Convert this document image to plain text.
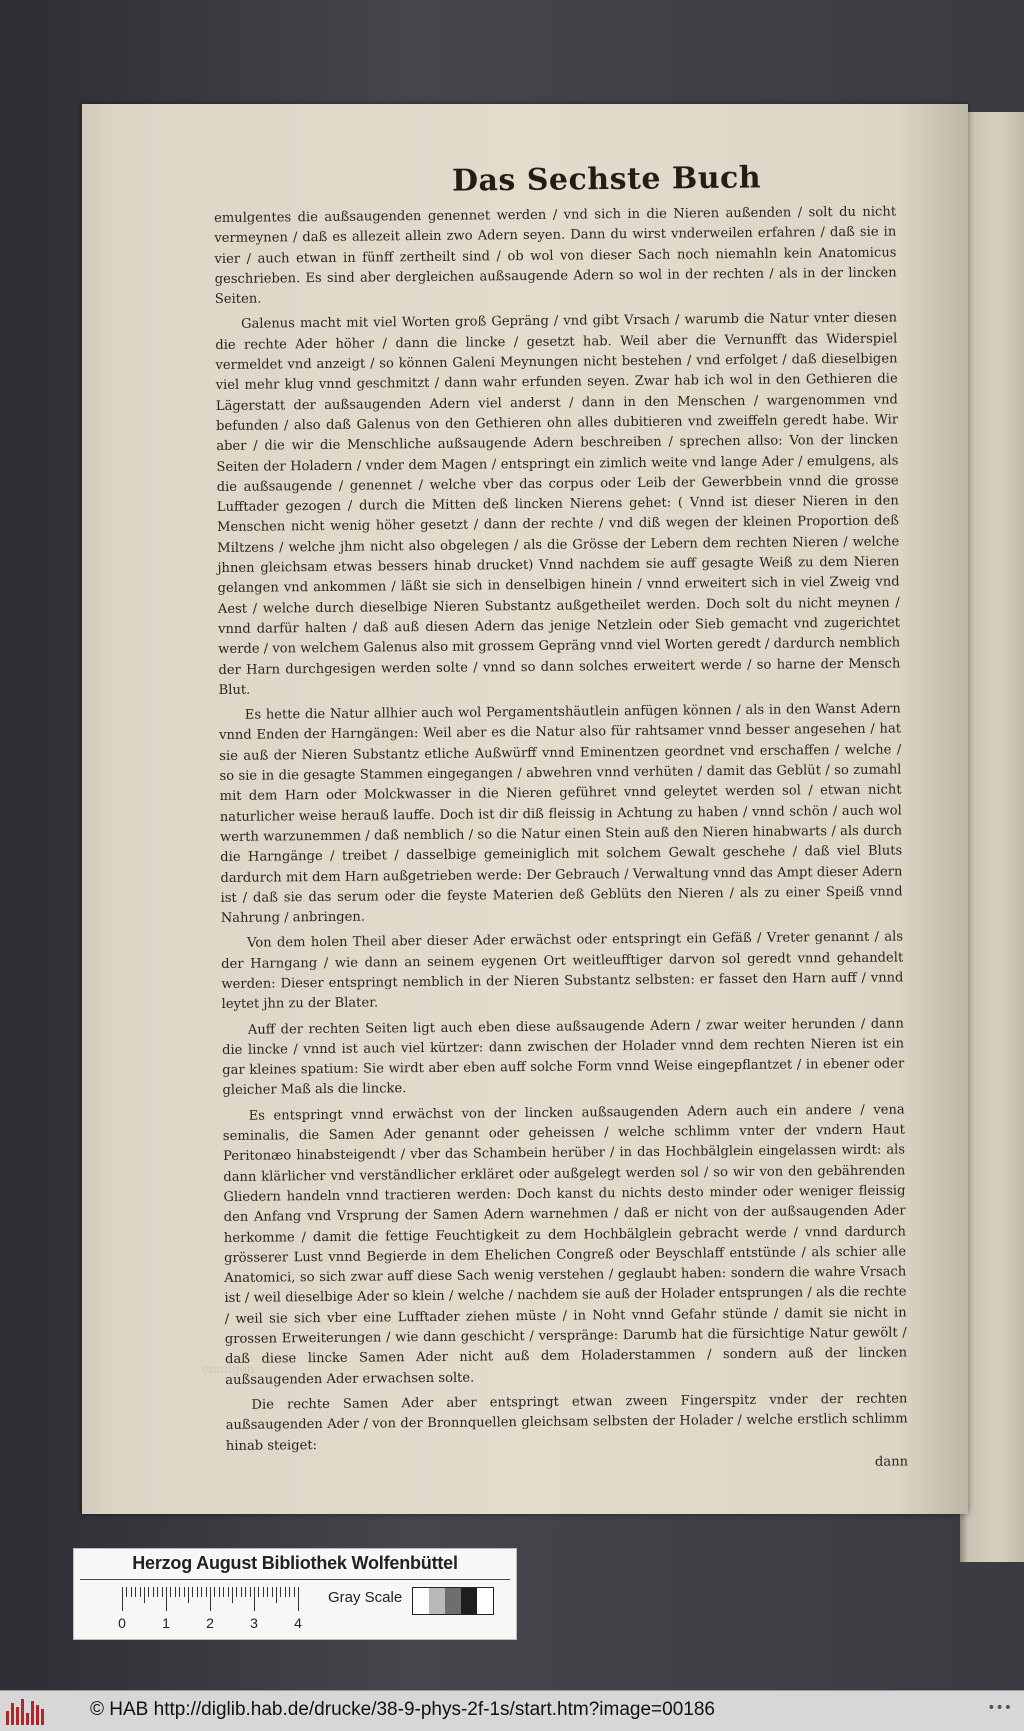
Das Sechste Buch
emulgen

emulgentes die außsaugenden genennet werden / vnd sich in die Nieren außenden / solt du nicht vermeynen / daß es allezeit allein zwo Adern seyen. Dann du wirst vnderweilen erfahren / daß sie in vier / auch etwan in fünff zertheilt sind / ob wol von dieser Sach noch niemahln kein Anatomicus geschrieben. Es sind aber dergleichen außsaugende Adern so wol in der rechten / als in der lincken Seiten.

Galenus macht mit viel Worten groß Gepräng / vnd gibt Vrsach / warumb die Natur vnter diesen die rechte Ader höher / dann die lincke / gesetzt hab. Weil aber die Vernunfft das Widerspiel vermeldet vnd anzeigt / so können Galeni Meynungen nicht bestehen / vnd erfolget / daß dieselbigen viel mehr klug vnnd geschmitzt / dann wahr erfunden seyen. Zwar hab ich wol in den Gethieren die Lägerstatt der außsaugenden Adern viel anderst / dann in den Menschen / wargenommen vnd befunden / also daß Galenus von den Gethieren ohn alles dubitieren vnd zweiffeln geredt habe. Wir aber / die wir die Menschliche außsaugende Adern beschreiben / sprechen allso: Von der lincken Seiten der Holadern / vnder dem Magen / entspringt ein zimlich weite vnd lange Ader / emulgens, als die außsaugende / genennet / welche vber das corpus oder Leib der Gewerbbein vnnd die grosse Lufftader gezogen / durch die Mitten deß lincken Nierens gehet: ( Vnnd ist dieser Nieren in den Menschen nicht wenig höher gesetzt / dann der rechte / vnd diß wegen der kleinen Proportion deß Miltzens / welche jhm nicht also obgelegen / als die Grösse der Lebern dem rechten Nieren / welche jhnen gleichsam etwas bessers hinab drucket) Vnnd nachdem sie auff gesagte Weiß zu dem Nieren gelangen vnd ankommen / läßt sie sich in denselbigen hinein / vnnd erweitert sich in viel Zweig vnd Aest / welche durch dieselbige Nieren Substantz außgetheilet werden. Doch solt du nicht meynen / vnnd darfür halten / daß auß diesen Adern das jenige Netzlein oder Sieb gemacht vnd zugerichtet werde / von welchem Galenus also mit grossem Gepräng vnnd viel Worten geredt / dardurch nemblich der Harn durchgesigen werden solte / vnnd so dann solches erweitert werde / so harne der Mensch Blut.

Es hette die Natur allhier auch wol Pergamentshäutlein anfügen können / als in den Wanst Adern vnnd Enden der Harngängen: Weil aber es die Natur also für rahtsamer vnnd besser angesehen / hat sie auß der Nieren Substantz etliche Außwürff vnnd Eminentzen geordnet vnd erschaffen / welche / so sie in die gesagte Stammen eingegangen / abwehren vnnd verhüten / damit das Geblüt / so zumahl mit dem Harn oder Molckwasser in die Nieren geführet vnnd geleytet werden sol / etwan nicht naturlicher weise herauß lauffe. Doch ist dir diß fleissig in Achtung zu haben / vnnd schön / auch wol werth warzunemmen / daß nemblich / so die Natur einen Stein auß den Nieren hinabwarts / als durch die Harngänge / treibet / dasselbige gemeiniglich mit solchem Gewalt geschehe / daß viel Bluts dardurch mit dem Harn außgetrieben werde: Der Gebrauch / Verwaltung vnnd das Ampt dieser Adern ist / daß sie das serum oder die feyste Materien deß Geblüts den Nieren / als zu einer Speiß vnnd Nahrung / anbringen.

Von dem holen Theil aber dieser Ader erwächst oder entspringt ein Gefäß / Vreter genannt / als der Harngang / wie dann an seinem eygenen Ort weitleufftiger darvon sol geredt vnnd gehandelt werden: Dieser entspringt nemblich in der Nieren Substantz selbsten: er fasset den Harn auff / vnnd leytet jhn zu der Blater.

Auff der rechten Seiten ligt auch eben diese außsaugende Adern / zwar weiter herunden / dann die lincke / vnnd ist auch viel kürtzer: dann zwischen der Holader vnnd dem rechten Nieren ist ein gar kleines spatium: Sie wirdt aber eben auff solche Form vnnd Weise eingepflantzet / in ebener oder gleicher Maß als die lincke.

Es entspringt vnnd erwächst von der lincken außsaugenden Adern auch ein andere / vena seminalis, die Samen Ader genannt oder geheissen / welche schlimm vnter der vndern Haut Peritonæo hinabsteigendt / vber das Schambein herüber / in das Hochbälglein eingelassen wirdt: als dann klärlicher vnd verständlicher erkläret oder außgelegt werden sol / so wir von den gebährenden Gliedern handeln vnnd tractieren werden: Doch kanst du nichts desto minder oder weniger fleissig den Anfang vnd Vrsprung der Samen Adern warnehmen / daß er nicht von der außsaugenden Ader herkomme / damit die fettige Feuchtigkeit zu dem Hochbälglein gebracht werde / vnnd dardurch grösserer Lust vnnd Begierde in dem Ehelichen Congreß oder Beyschlaff entstünde / als schier alle Anatomici, so sich zwar auff diese Sach wenig verstehen / geglaubt haben: sondern die wahre Vrsach ist / weil dieselbige Ader so klein / welche / nachdem sie auß der Holader entsprungen / als die rechte / weil sie sich vber eine Lufftader ziehen müste / in Noht vnnd Gefahr stünde / damit sie nicht in grossen Erweiterungen / wie dann geschicht / verspränge: Darumb hat die fürsichtige Natur gewölt / daß diese lincke Samen Ader nicht auß dem Holaderstammen / sondern auß der lincken außsaugenden Ader erwachsen solte.

Die rechte Samen Ader aber entspringt etwan zween Fingerspitz vnder der rechten außsaugenden Ader / von der Bronnquellen gleichsam selbsten der Holader / welche erstlich schlimm hinab steiget:

dann
Herzog August Bibliothek Wolfenbüttel
0	1	2	3	4
Gray Scale
© HAB http://diglib.hab.de/drucke/38-9-phys-2f-1s/start.htm?image=00186	•••
